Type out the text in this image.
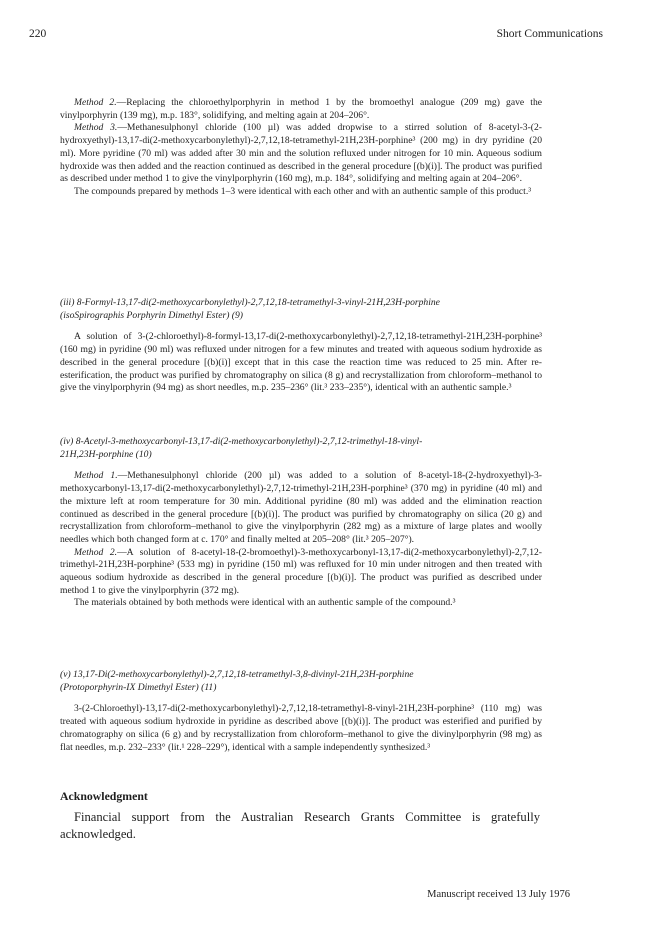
220	Short Communications

Method 2.—Replacing the chloroethylporphyrin in method 1 by the bromoethyl analogue (209 mg) gave the vinylporphyrin (139 mg), m.p. 183°, solidifying, and melting again at 204–206°.

Method 3.—Methanesulphonyl chloride (100 µl) was added dropwise to a stirred solution of 8-acetyl-3-(2-hydroxyethyl)-13,17-di(2-methoxycarbonylethyl)-2,7,12,18-tetramethyl-21H,23H-porphine³ (200 mg) in dry pyridine (20 ml). More pyridine (70 ml) was added after 30 min and the solution refluxed under nitrogen for 10 min. Aqueous sodium hydroxide was then added and the reaction continued as described in the general procedure [(b)(i)]. The product was purified as described under method 1 to give the vinylporphyrin (160 mg), m.p. 184°, solidifying and melting again at 204–206°.

The compounds prepared by methods 1–3 were identical with each other and with an authentic sample of this product.³

(iii) 8-Formyl-13,17-di(2-methoxycarbonylethyl)-2,7,12,18-tetramethyl-3-vinyl-21H,23H-porphine

(isoSpirographis Porphyrin Dimethyl Ester) (9)

A solution of 3-(2-chloroethyl)-8-formyl-13,17-di(2-methoxycarbonylethyl)-2,7,12,18-tetramethyl-21H,23H-porphine³ (160 mg) in pyridine (90 ml) was refluxed under nitrogen for a few minutes and treated with aqueous sodium hydroxide as described in the general procedure [(b)(i)] except that in this case the reaction time was reduced to 25 min. After re-esterification, the product was purified by chromatography on silica (8 g) and recrystallization from chloroform–methanol to give the vinylporphyrin (94 mg) as short needles, m.p. 235–236° (lit.³ 233–235°), identical with an authentic sample.³

(iv) 8-Acetyl-3-methoxycarbonyl-13,17-di(2-methoxycarbonylethyl)-2,7,12-trimethyl-18-vinyl-

21H,23H-porphine (10)

Method 1.—Methanesulphonyl chloride (200 µl) was added to a solution of 8-acetyl-18-(2-hydroxyethyl)-3-methoxycarbonyl-13,17-di(2-methoxycarbonylethyl)-2,7,12-trimethyl-21H,23H-porphine³ (370 mg) in pyridine (40 ml) and the mixture left at room temperature for 30 min. Additional pyridine (80 ml) was added and the elimination reaction continued as described in the general procedure [(b)(i)]. The product was purified by chromatography on silica (20 g) and recrystallization from chloroform–methanol to give the vinylporphyrin (282 mg) as a mixture of large plates and woolly needles which both changed form at c. 170° and finally melted at 205–208° (lit.³ 205–207°).

Method 2.—A solution of 8-acetyl-18-(2-bromoethyl)-3-methoxycarbonyl-13,17-di(2-methoxycarbonylethyl)-2,7,12-trimethyl-21H,23H-porphine³ (533 mg) in pyridine (150 ml) was refluxed for 10 min under nitrogen and then treated with aqueous sodium hydroxide as described in the general procedure [(b)(i)]. The product was purified as described under method 1 to give the vinylporphyrin (372 mg).

The materials obtained by both methods were identical with an authentic sample of the compound.³

(v) 13,17-Di(2-methoxycarbonylethyl)-2,7,12,18-tetramethyl-3,8-divinyl-21H,23H-porphine

(Protoporphyrin-IX Dimethyl Ester) (11)

3-(2-Chloroethyl)-13,17-di(2-methoxycarbonylethyl)-2,7,12,18-tetramethyl-8-vinyl-21H,23H-porphine³ (110 mg) was treated with aqueous sodium hydroxide in pyridine as described above [(b)(i)]. The product was esterified and purified by chromatography on silica (6 g) and by recrystallization from chloroform–methanol to give the divinylporphyrin (98 mg) as flat needles, m.p. 232–233° (lit.¹ 228–229°), identical with a sample independently synthesized.³

Acknowledgment
Financial support from the Australian Research Grants Committee is gratefully acknowledged.
Manuscript received 13 July 1976
